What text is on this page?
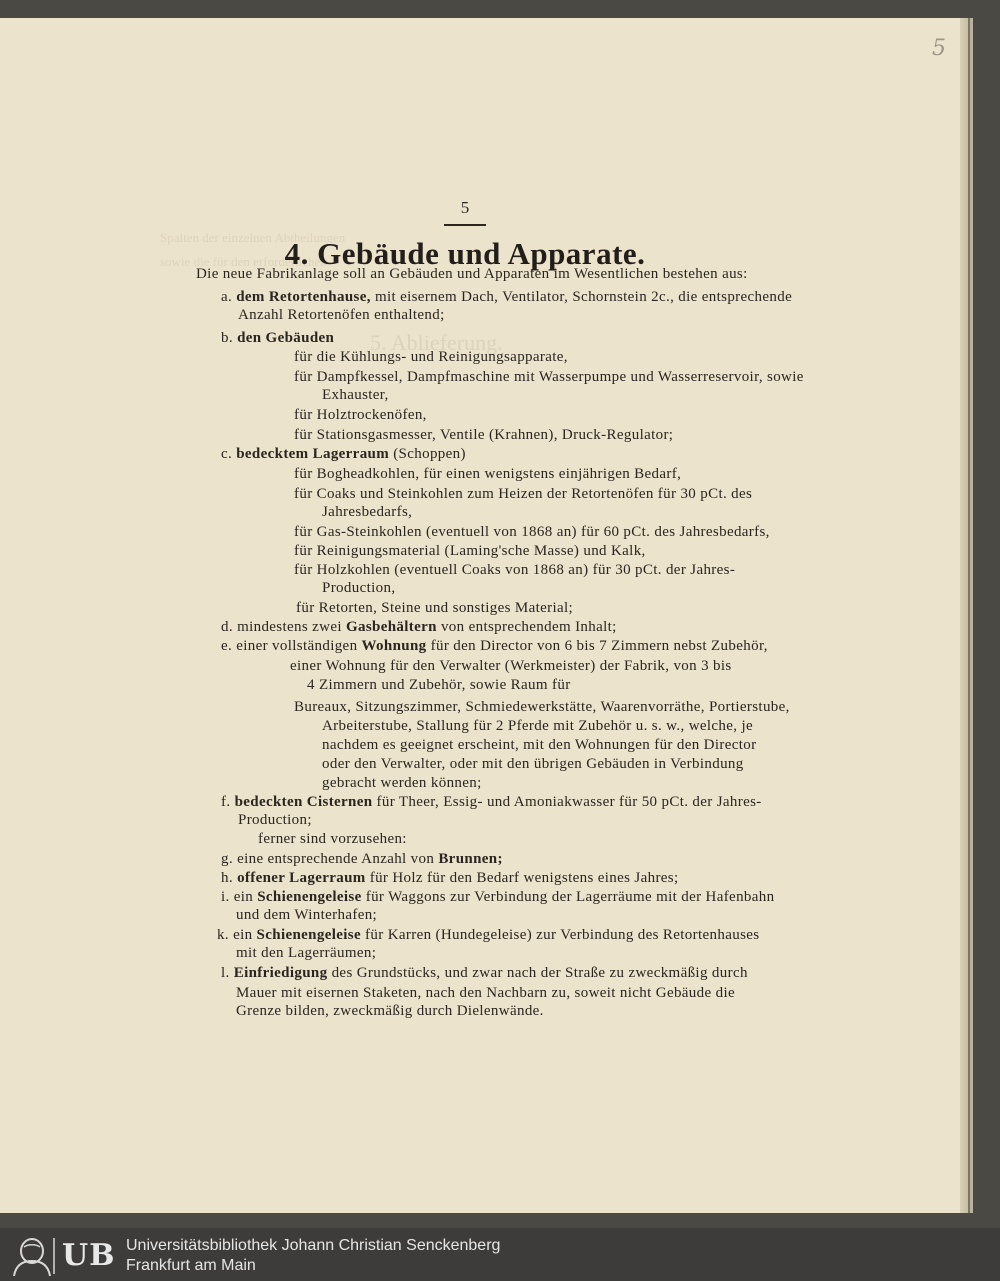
Spalten der einzelnen Abtheilungen
sowie die für den erforderlichen
5. Ablieferung.
5
5
4. Gebäude und Apparate.
Die neue Fabrikanlage soll an Gebäuden und Apparaten im Wesentlichen bestehen aus:
a. dem Retortenhause, mit eisernem Dach, Ventilator, Schornstein 2c., die entsprechende
Anzahl Retortenöfen enthaltend;
b. den Gebäuden
für die Kühlungs- und Reinigungsapparate,
für Dampfkessel, Dampfmaschine mit Wasserpumpe und Wasserreservoir, sowie
Exhauster,
für Holztrockenöfen,
für Stationsgasmesser, Ventile (Krahnen), Druck-Regulator;
c. bedecktem Lagerraum (Schoppen)
für Bogheadkohlen, für einen wenigstens einjährigen Bedarf,
für Coaks und Steinkohlen zum Heizen der Retortenöfen für 30 pCt. des
Jahresbedarfs,
für Gas-Steinkohlen (eventuell von 1868 an) für 60 pCt. des Jahresbedarfs,
für Reinigungsmaterial (Laming'sche Masse) und Kalk,
für Holzkohlen (eventuell Coaks von 1868 an) für 30 pCt. der Jahres-
Production,
für Retorten, Steine und sonstiges Material;
d. mindestens zwei Gasbehältern von entsprechendem Inhalt;
e. einer vollständigen Wohnung für den Director von 6 bis 7 Zimmern nebst Zubehör,
einer Wohnung für den Verwalter (Werkmeister) der Fabrik, von 3 bis
4 Zimmern und Zubehör, sowie Raum für
Bureaux, Sitzungszimmer, Schmiedewerkstätte, Waarenvorräthe, Portierstube,
Arbeiterstube, Stallung für 2 Pferde mit Zubehör u. s. w., welche, je
nachdem es geeignet erscheint, mit den Wohnungen für den Director
oder den Verwalter, oder mit den übrigen Gebäuden in Verbindung
gebracht werden können;
f. bedeckten Cisternen für Theer, Essig- und Amoniakwasser für 50 pCt. der Jahres-
Production;
ferner sind vorzusehen:
g. eine entsprechende Anzahl von Brunnen;
h. offener Lagerraum für Holz für den Bedarf wenigstens eines Jahres;
i. ein Schienengeleise für Waggons zur Verbindung der Lagerräume mit der Hafenbahn
und dem Winterhafen;
k. ein Schienengeleise für Karren (Hundegeleise) zur Verbindung des Retortenhauses
mit den Lagerräumen;
l. Einfriedigung des Grundstücks, und zwar nach der Straße zu zweckmäßig durch
Mauer mit eisernen Staketen, nach den Nachbarn zu, soweit nicht Gebäude die
Grenze bilden, zweckmäßig durch Dielenwände.
UB Universitätsbibliothek Johann Christian Senckenberg
Frankfurt am Main
